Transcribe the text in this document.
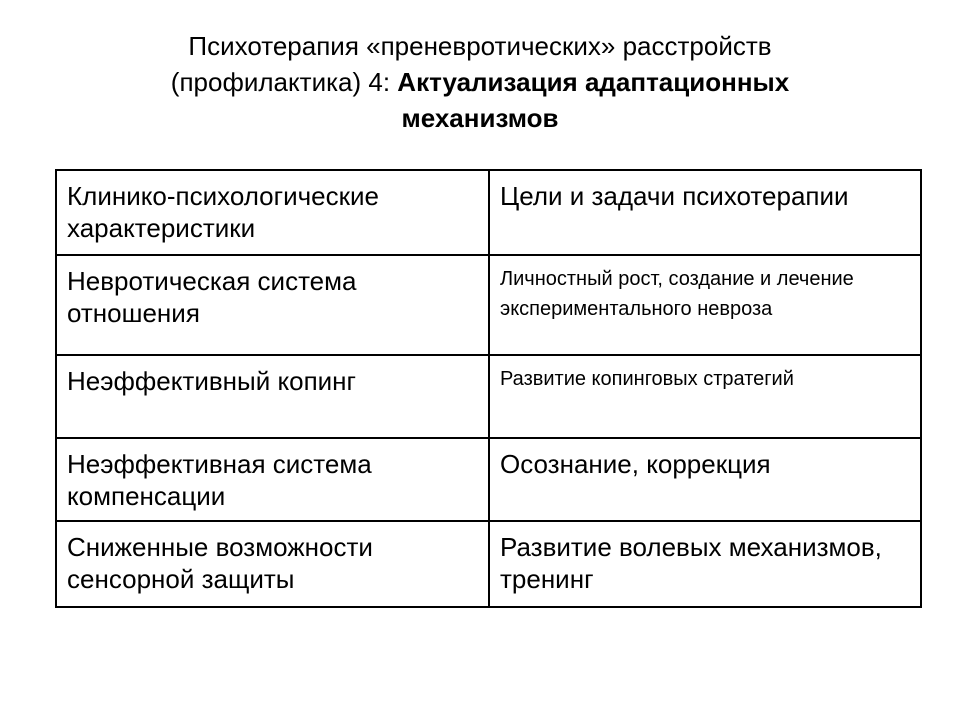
Психотерапия «преневротических» расстройств
(профилактика) 4: Актуализация адаптационных
механизмов
Клинико-психологические характеристики	Цели и задачи психотерапии
Невротическая система отношения	Личностный рост, создание и лечение экспериментального невроза
Неэффективный копинг	Развитие копинговых стратегий
Неэффективная система компенсации	Осознание, коррекция
Сниженные возможности сенсорной защиты	Развитие волевых механизмов, тренинг
